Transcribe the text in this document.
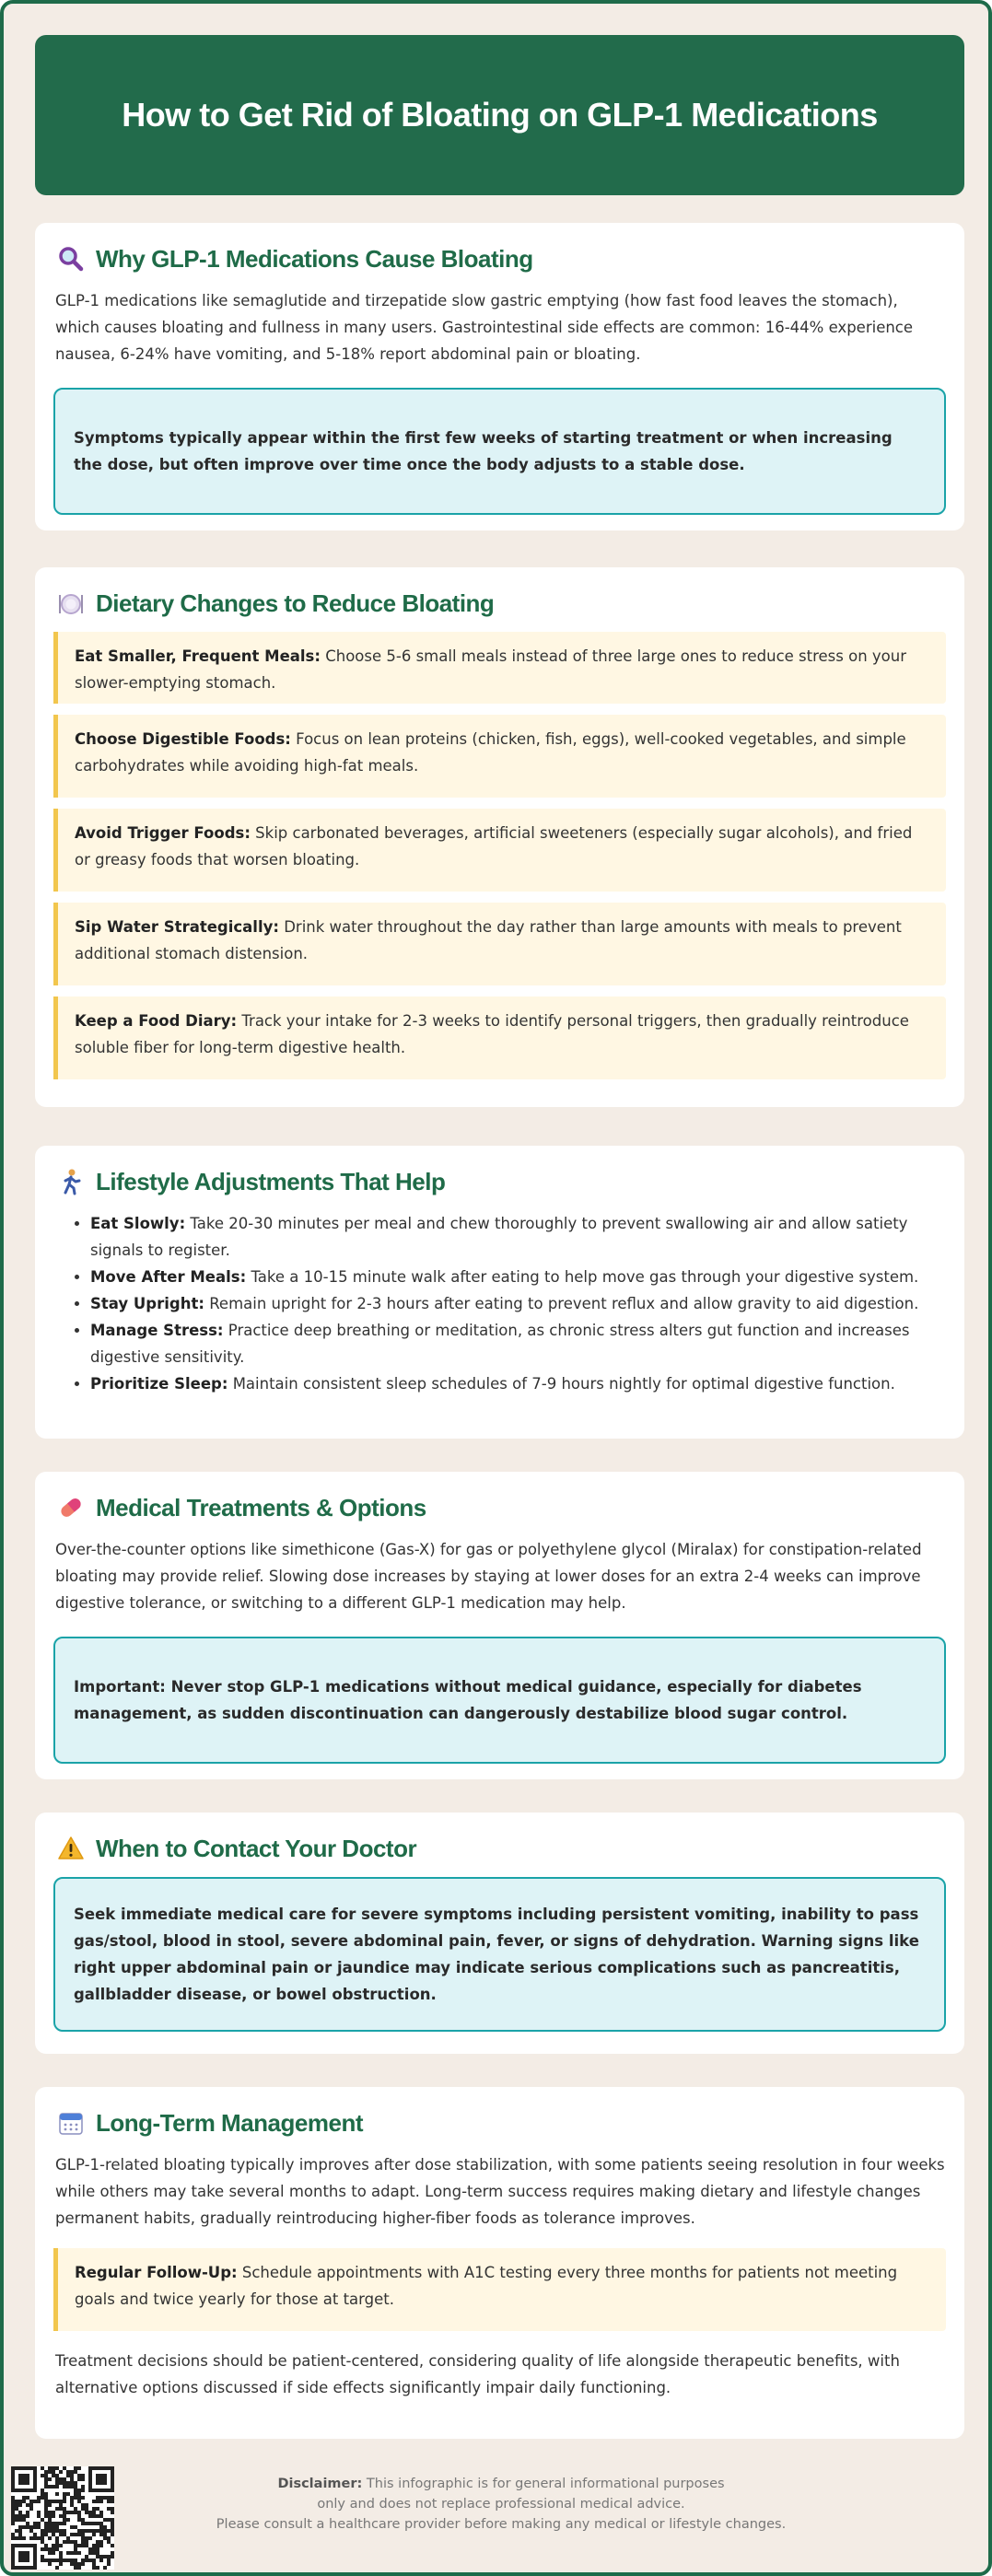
How to Get Rid of Bloating on GLP-1 Medications
Why GLP-1 Medications Cause Bloating

GLP-1 medications like semaglutide and tirzepatide slow gastric emptying (how fast food leaves the stomach), which causes bloating and fullness in many users. Gastrointestinal side effects are common: 16-44% experience nausea, 6-24% have vomiting, and 5-18% report abdominal pain or bloating.

Symptoms typically appear within the first few weeks of starting treatment or when increasing the dose, but often improve over time once the body adjusts to a stable dose.
Dietary Changes to Reduce Bloating
Eat Smaller, Frequent Meals: Choose 5-6 small meals instead of three large ones to reduce stress on your slower-emptying stomach.
Choose Digestible Foods: Focus on lean proteins (chicken, fish, eggs), well-cooked vegetables, and simple carbohydrates while avoiding high-fat meals.
Avoid Trigger Foods: Skip carbonated beverages, artificial sweeteners (especially sugar alcohols), and fried or greasy foods that worsen bloating.
Sip Water Strategically: Drink water throughout the day rather than large amounts with meals to prevent additional stomach distension.
Keep a Food Diary: Track your intake for 2-3 weeks to identify personal triggers, then gradually reintroduce soluble fiber for long-term digestive health.
Lifestyle Adjustments That Help
• Eat Slowly: Take 20-30 minutes per meal and chew thoroughly to prevent swallowing air and allow satiety signals to register.
• Move After Meals: Take a 10-15 minute walk after eating to help move gas through your digestive system.
• Stay Upright: Remain upright for 2-3 hours after eating to prevent reflux and allow gravity to aid digestion.
• Manage Stress: Practice deep breathing or meditation, as chronic stress alters gut function and increases digestive sensitivity.
• Prioritize Sleep: Maintain consistent sleep schedules of 7-9 hours nightly for optimal digestive function.
Medical Treatments & Options

Over-the-counter options like simethicone (Gas-X) for gas or polyethylene glycol (Miralax) for constipation-related bloating may provide relief. Slowing dose increases by staying at lower doses for an extra 2-4 weeks can improve digestive tolerance, or switching to a different GLP-1 medication may help.

Important: Never stop GLP-1 medications without medical guidance, especially for diabetes management, as sudden discontinuation can dangerously destabilize blood sugar control.
When to Contact Your Doctor
Seek immediate medical care for severe symptoms including persistent vomiting, inability to pass gas/stool, blood in stool, severe abdominal pain, fever, or signs of dehydration. Warning signs like right upper abdominal pain or jaundice may indicate serious complications such as pancreatitis, gallbladder disease, or bowel obstruction.
Long-Term Management

GLP-1-related bloating typically improves after dose stabilization, with some patients seeing resolution in four weeks while others may take several months to adapt. Long-term success requires making dietary and lifestyle changes permanent habits, gradually reintroducing higher-fiber foods as tolerance improves.

Regular Follow-Up: Schedule appointments with A1C testing every three months for patients not meeting goals and twice yearly for those at target.

Treatment decisions should be patient-centered, considering quality of life alongside therapeutic benefits, with alternative options discussed if side effects significantly impair daily functioning.

Disclaimer: This infographic is for general informational purposes
only and does not replace professional medical advice.
Please consult a healthcare provider before making any medical or lifestyle changes.
